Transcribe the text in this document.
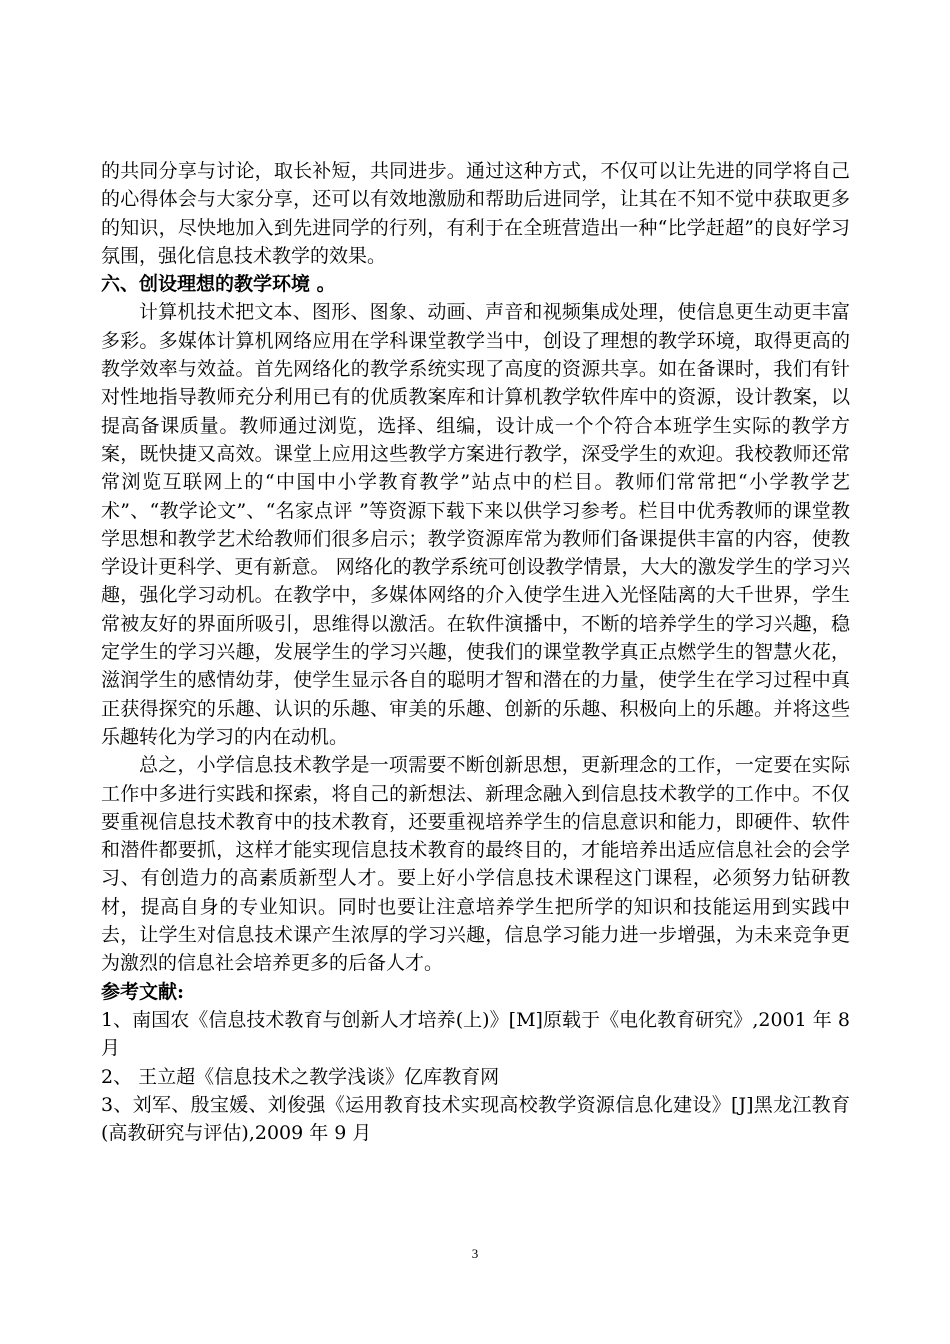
的共同分享与讨论，取长补短，共同进步。通过这种方式，不仅可以让先进的同学将自己的心得体会与大家分享，还可以有效地激励和帮助后进同学，让其在不知不觉中获取更多的知识，尽快地加入到先进同学的行列，有利于在全班营造出一种“比学赶超”的良好学习氛围，强化信息技术教学的效果。

六、创设理想的教学环境 。

计算机技术把文本、图形、图象、动画、声音和视频集成处理，使信息更生动更丰富多彩。多媒体计算机网络应用在学科课堂教学当中，创设了理想的教学环境，取得更高的教学效率与效益。首先网络化的教学系统实现了高度的资源共享。如在备课时，我们有针对性地指导教师充分利用已有的优质教案库和计算机教学软件库中的资源，设计教案，以提高备课质量。教师通过浏览，选择、组编，设计成一个个符合本班学生实际的教学方案，既快捷又高效。课堂上应用这些教学方案进行教学，深受学生的欢迎。我校教师还常常浏览互联网上的“中国中小学教育教学”站点中的栏目。教师们常常把“小学教学艺术”、“教学论文”、“名家点评 ”等资源下载下来以供学习参考。栏目中优秀教师的课堂教学思想和教学艺术给教师们很多启示；教学资源库常为教师们备课提供丰富的内容，使教学设计更科学、更有新意。 网络化的教学系统可创设教学情景，大大的激发学生的学习兴趣，强化学习动机。在教学中，多媒体网络的介入使学生进入光怪陆离的大千世界，学生常被友好的界面所吸引，思维得以激活。在软件演播中，不断的培养学生的学习兴趣，稳定学生的学习兴趣，发展学生的学习兴趣，使我们的课堂教学真正点燃学生的智慧火花，滋润学生的感情幼芽，使学生显示各自的聪明才智和潜在的力量，使学生在学习过程中真正获得探究的乐趣、认识的乐趣、审美的乐趣、创新的乐趣、积极向上的乐趣。并将这些乐趣转化为学习的内在动机。

总之，小学信息技术教学是一项需要不断创新思想，更新理念的工作，一定要在实际工作中多进行实践和探索，将自己的新想法、新理念融入到信息技术教学的工作中。不仅要重视信息技术教育中的技术教育，还要重视培养学生的信息意识和能力，即硬件、软件和潜件都要抓，这样才能实现信息技术教育的最终目的，才能培养出适应信息社会的会学习、有创造力的高素质新型人才。要上好小学信息技术课程这门课程，必须努力钻研教材，提高自身的专业知识。同时也要让注意培养学生把所学的知识和技能运用到实践中去，让学生对信息技术课产生浓厚的学习兴趣，信息学习能力进一步增强，为未来竞争更为激烈的信息社会培养更多的后备人才。

参考文献:

1、南国农《信息技术教育与创新人才培养(上)》[M]原载于《电化教育研究》,2001 年 8 月

2、 王立超《信息技术之教学浅谈》亿库教育网

3、刘军、殷宝媛、刘俊强《运用教育技术实现高校教学资源信息化建设》[J]黑龙江教育(高教研究与评估),2009 年 9 月

3
